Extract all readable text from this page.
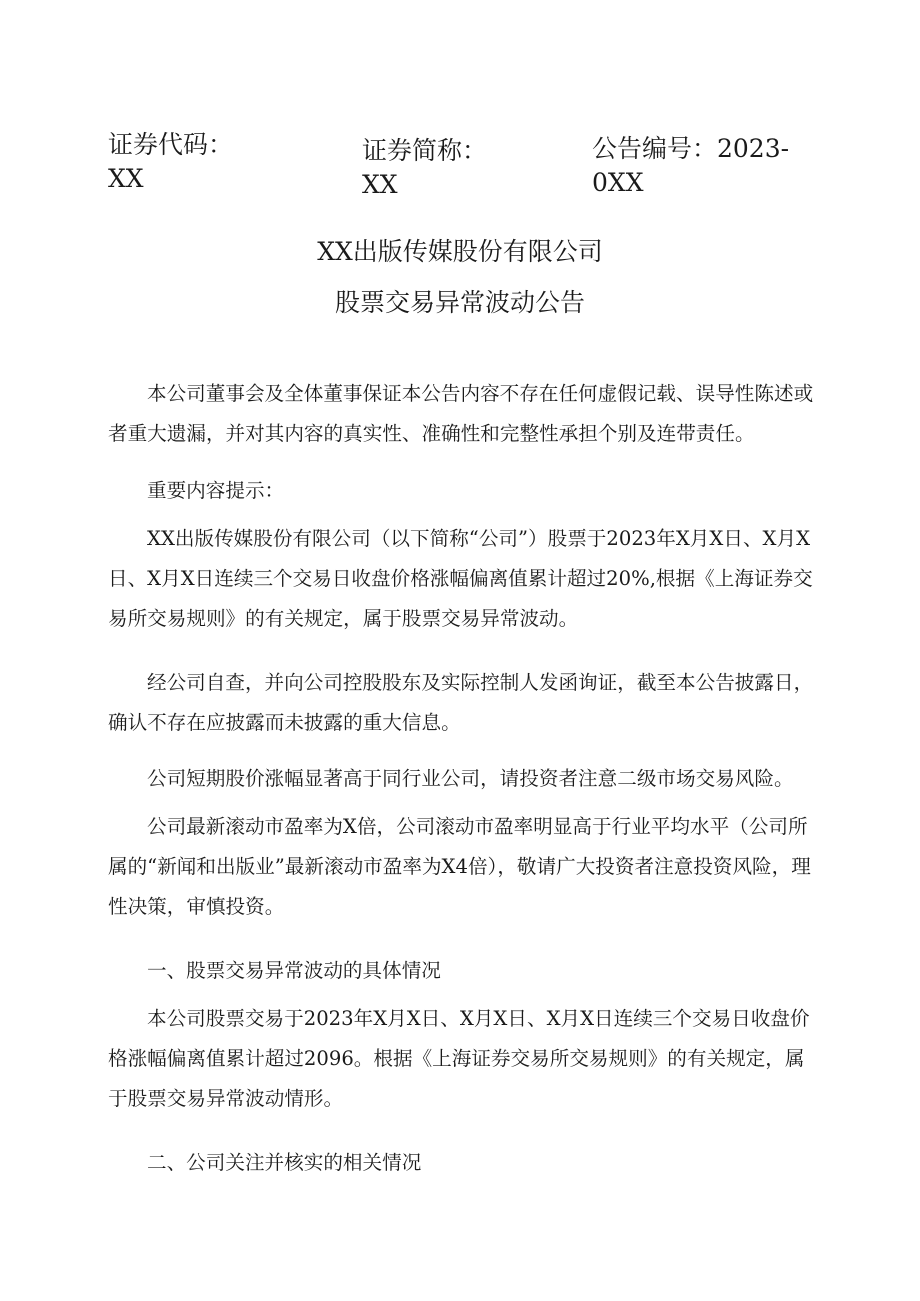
证券代码：
XX
证券简称：
XX
公告编号：2023-
0XX
XX出版传媒股份有限公司
股票交易异常波动公告
本公司董事会及全体董事保证本公告内容不存在任何虚假记载、误导性陈述或者重大遗漏，并对其内容的真实性、准确性和完整性承担个别及连带责任。
重要内容提示：
XX出版传媒股份有限公司（以下简称“公司”）股票于2023年X月X日、X月X日、X月X日连续三个交易日收盘价格涨幅偏离值累计超过20%,根据《上海证券交易所交易规则》的有关规定，属于股票交易异常波动。
经公司自查，并向公司控股股东及实际控制人发函询证，截至本公告披露日，确认不存在应披露而未披露的重大信息。
公司短期股价涨幅显著高于同行业公司，请投资者注意二级市场交易风险。
公司最新滚动市盈率为X倍，公司滚动市盈率明显高于行业平均水平（公司所属的“新闻和出版业”最新滚动市盈率为X4倍），敬请广大投资者注意投资风险，理性决策，审慎投资。
一、股票交易异常波动的具体情况
本公司股票交易于2023年X月X日、X月X日、X月X日连续三个交易日收盘价格涨幅偏离值累计超过2096。根据《上海证券交易所交易规则》的有关规定，属于股票交易异常波动情形。
二、公司关注并核实的相关情况
